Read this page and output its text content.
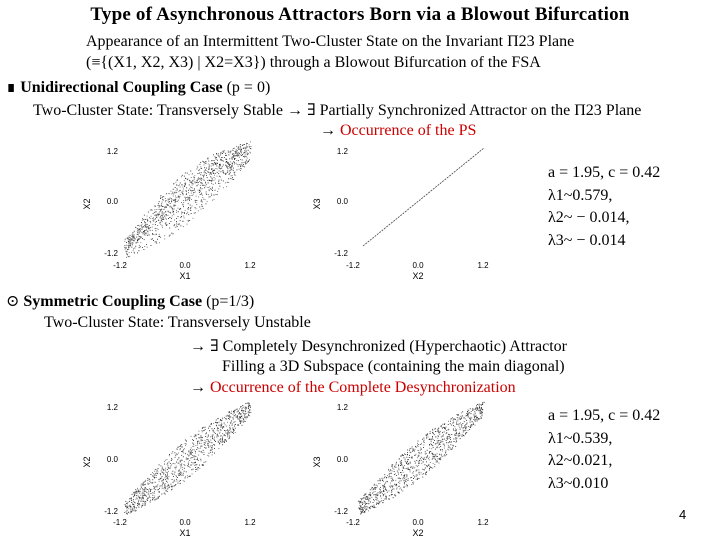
Type of Asynchronous Attractors Born via a Blowout Bifurcation
Appearance of an Intermittent Two-Cluster State on the Invariant Π23 Plane
(≡{(X1, X2, X3) | X2=X3}) through a Blowout Bifurcation of the FSA
∎ Unidirectional Coupling Case (p = 0)
Two-Cluster State: Transversely Stable → ∃ Partially Synchronized Attractor on the Π23 Plane
→ Occurrence of the PS
1.2
0.0
-1.2
-1.2	0.0	1.2
X1
X2
1.2
0.0
-1.2
-1.2	0.0	1.2
X2
X3
a = 1.95, c = 0.42
λ1~0.579,
λ2~ − 0.014,
λ3~ − 0.014
⊙ Symmetric Coupling Case (p=1/3)
Two-Cluster State: Transversely Unstable
→ ∃ Completely Desynchronized (Hyperchaotic) Attractor
Filling a 3D Subspace (containing the main diagonal)
→ Occurrence of the Complete Desynchronization
1.2
0.0
-1.2
-1.2	0.0	1.2
X1
X2
1.2
0.0
-1.2
-1.2	0.0	1.2
X2
X3
a = 1.95, c = 0.42
λ1~0.539,
λ2~0.021,
λ3~0.010
4
